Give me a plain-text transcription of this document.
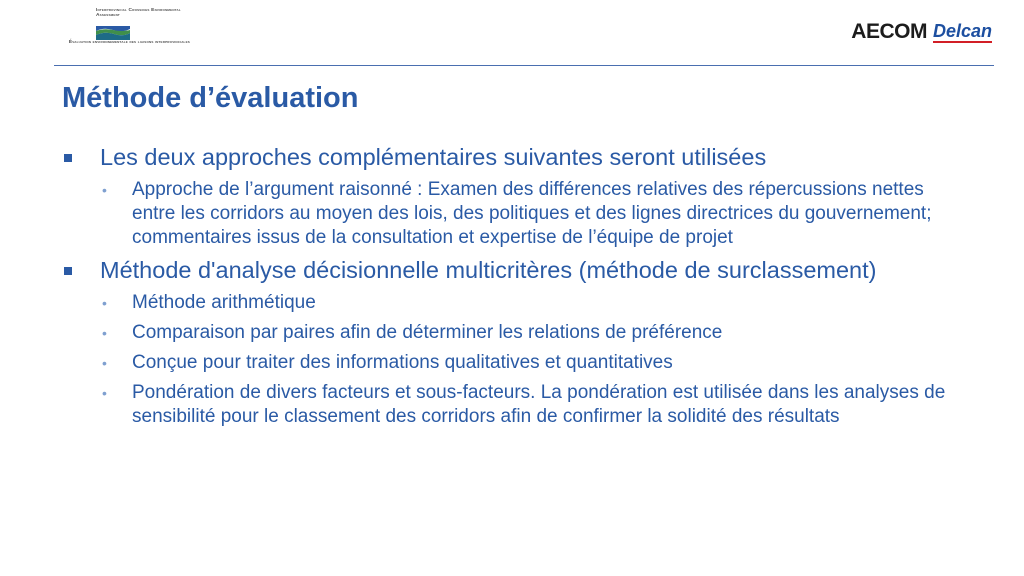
Interprovincial Crossings Environmental Assessment
Évaluation environnementale des liaisons interprovinciales	AECOM Delcan
Méthode d’évaluation
Les deux approches complémentaires suivantes seront utilisées
• Approche de l’argument raisonné : Examen des différences relatives des répercussions nettes entre les corridors au moyen des lois, des politiques et des lignes directrices du gouvernement; commentaires issus de la consultation et expertise de l’équipe de projet
Méthode d'analyse décisionnelle multicritères (méthode de surclassement)
• Méthode arithmétique
• Comparaison par paires afin de déterminer les relations de préférence
• Conçue pour traiter des informations qualitatives et quantitatives
• Pondération de divers facteurs et sous-facteurs. La pondération est utilisée dans les analyses de sensibilité pour le classement des corridors afin de confirmer la solidité des résultats
